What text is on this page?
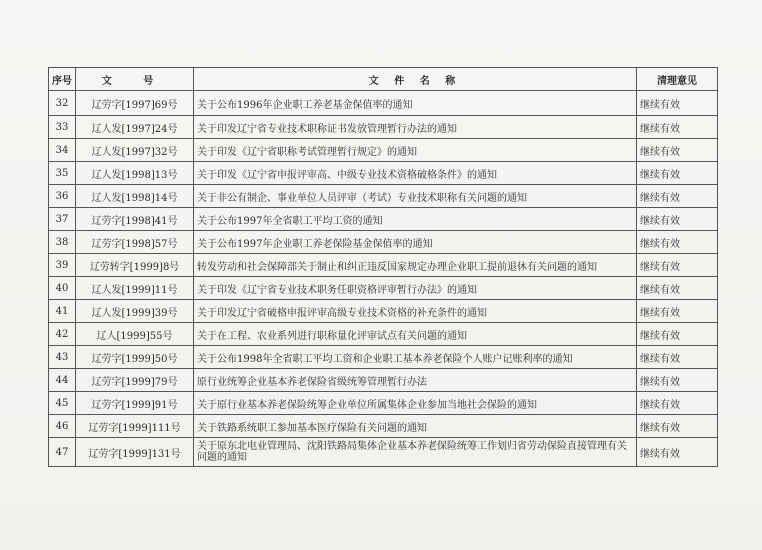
序号	文 号	文 件 名 称	清理意见
32	辽劳字[1997]69号	关于公布1996年企业职工养老基金保值率的通知	继续有效
33	辽人发[1997]24号	关于印发辽宁省专业技术职称证书发放管理暂行办法的通知	继续有效
34	辽人发[1997]32号	关于印发《辽宁省职称考试管理暂行规定》的通知	继续有效
35	辽人发[1998]13号	关于印发《辽宁省申报评审高、中级专业技术资格破格条件》的通知	继续有效
36	辽人发[1998]14号	关于非公有制企、事业单位人员评审（考试）专业技术职称有关问题的通知	继续有效
37	辽劳字[1998]41号	关于公布1997年全省职工平均工资的通知	继续有效
38	辽劳字[1998]57号	关于公布1997年企业职工养老保险基金保值率的通知	继续有效
39	辽劳转字[1999]8号	转发劳动和社会保障部关于制止和纠正违反国家规定办理企业职工提前退休有关问题的通知	继续有效
40	辽人发[1999]11号	关于印发《辽宁省专业技术职务任职资格评审暂行办法》的通知	继续有效
41	辽人发[1999]39号	关于印发辽宁省破格申报评审高级专业技术资格的补充条件的通知	继续有效
42	辽人[1999]55号	关于在工程、农业系列进行职称量化评审试点有关问题的通知	继续有效
43	辽劳字[1999]50号	关于公布1998年全省职工平均工资和企业职工基本养老保险个人账户记账利率的通知	继续有效
44	辽劳字[1999]79号	原行业统筹企业基本养老保险省级统筹管理暂行办法	继续有效
45	辽劳字[1999]91号	关于原行业基本养老保险统筹企业单位所属集体企业参加当地社会保险的通知	继续有效
46	辽劳字[1999]111号	关于铁路系统职工参加基本医疗保险有关问题的通知	继续有效
47	辽劳字[1999]131号	关于原东北电业管理局、沈阳铁路局集体企业基本养老保险统筹工作划归省劳动保险直接管理有关问题的通知	继续有效
